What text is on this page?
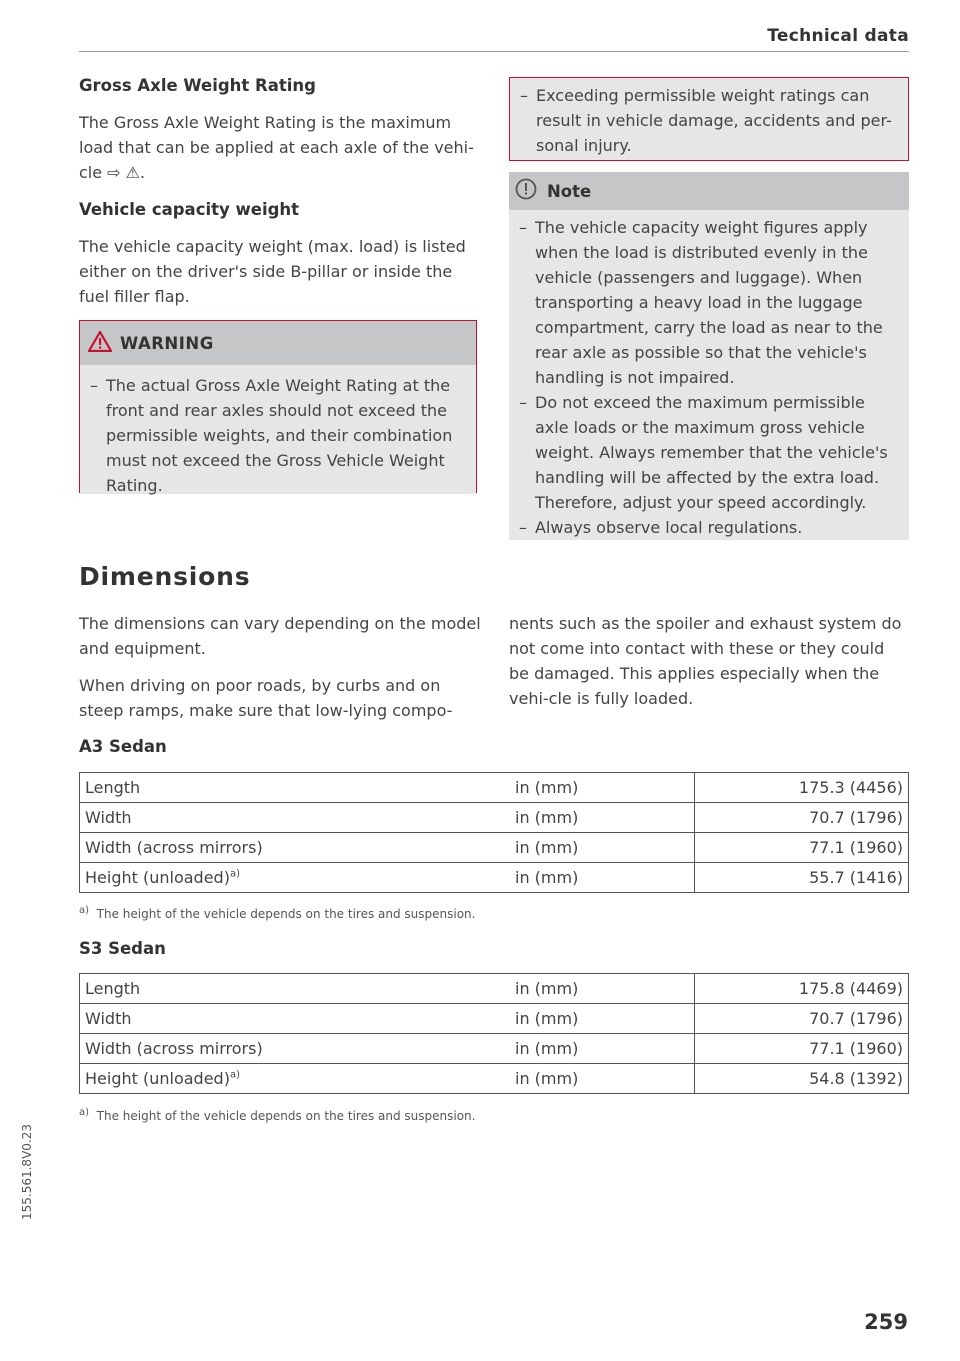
Technical data
155.561.8V0.23
Gross Axle Weight Rating
The Gross Axle Weight Rating is the maximum load that can be applied at each axle of the vehi-cle ⇨ ⚠.
Vehicle capacity weight
The vehicle capacity weight (max. load) is listed either on the driver's side B-pillar or inside the fuel filler flap.
WARNING
– The actual Gross Axle Weight Rating at the front and rear axles should not exceed the permissible weights, and their combination must not exceed the Gross Vehicle Weight Rating.
– Exceeding permissible weight ratings can result in vehicle damage, accidents and per-sonal injury.
Note
– The vehicle capacity weight figures apply when the load is distributed evenly in the vehicle (passengers and luggage). When transporting a heavy load in the luggage compartment, carry the load as near to the rear axle as possible so that the vehicle's handling is not impaired.
– Do not exceed the maximum permissible axle loads or the maximum gross vehicle weight. Always remember that the vehicle's handling will be affected by the extra load. Therefore, adjust your speed accordingly.
– Always observe local regulations.
Dimensions
The dimensions can vary depending on the model and equipment.
When driving on poor roads, by curbs and on steep ramps, make sure that low-lying compo-
nents such as the spoiler and exhaust system do not come into contact with these or they could be damaged. This applies especially when the vehi-cle is fully loaded.
A3 Sedan
Length	in (mm)	175.3 (4456)
Width	in (mm)	70.7 (1796)
Width (across mirrors)	in (mm)	77.1 (1960)
Height (unloaded)$^{a)}$	in (mm)	55.7 (1416)
$^{a)}$ The height of the vehicle depends on the tires and suspension.
S3 Sedan
Length	in (mm)	175.8 (4469)
Width	in (mm)	70.7 (1796)
Width (across mirrors)	in (mm)	77.1 (1960)
Height (unloaded)$^{a)}$	in (mm)	54.8 (1392)
$^{a)}$ The height of the vehicle depends on the tires and suspension.
259
